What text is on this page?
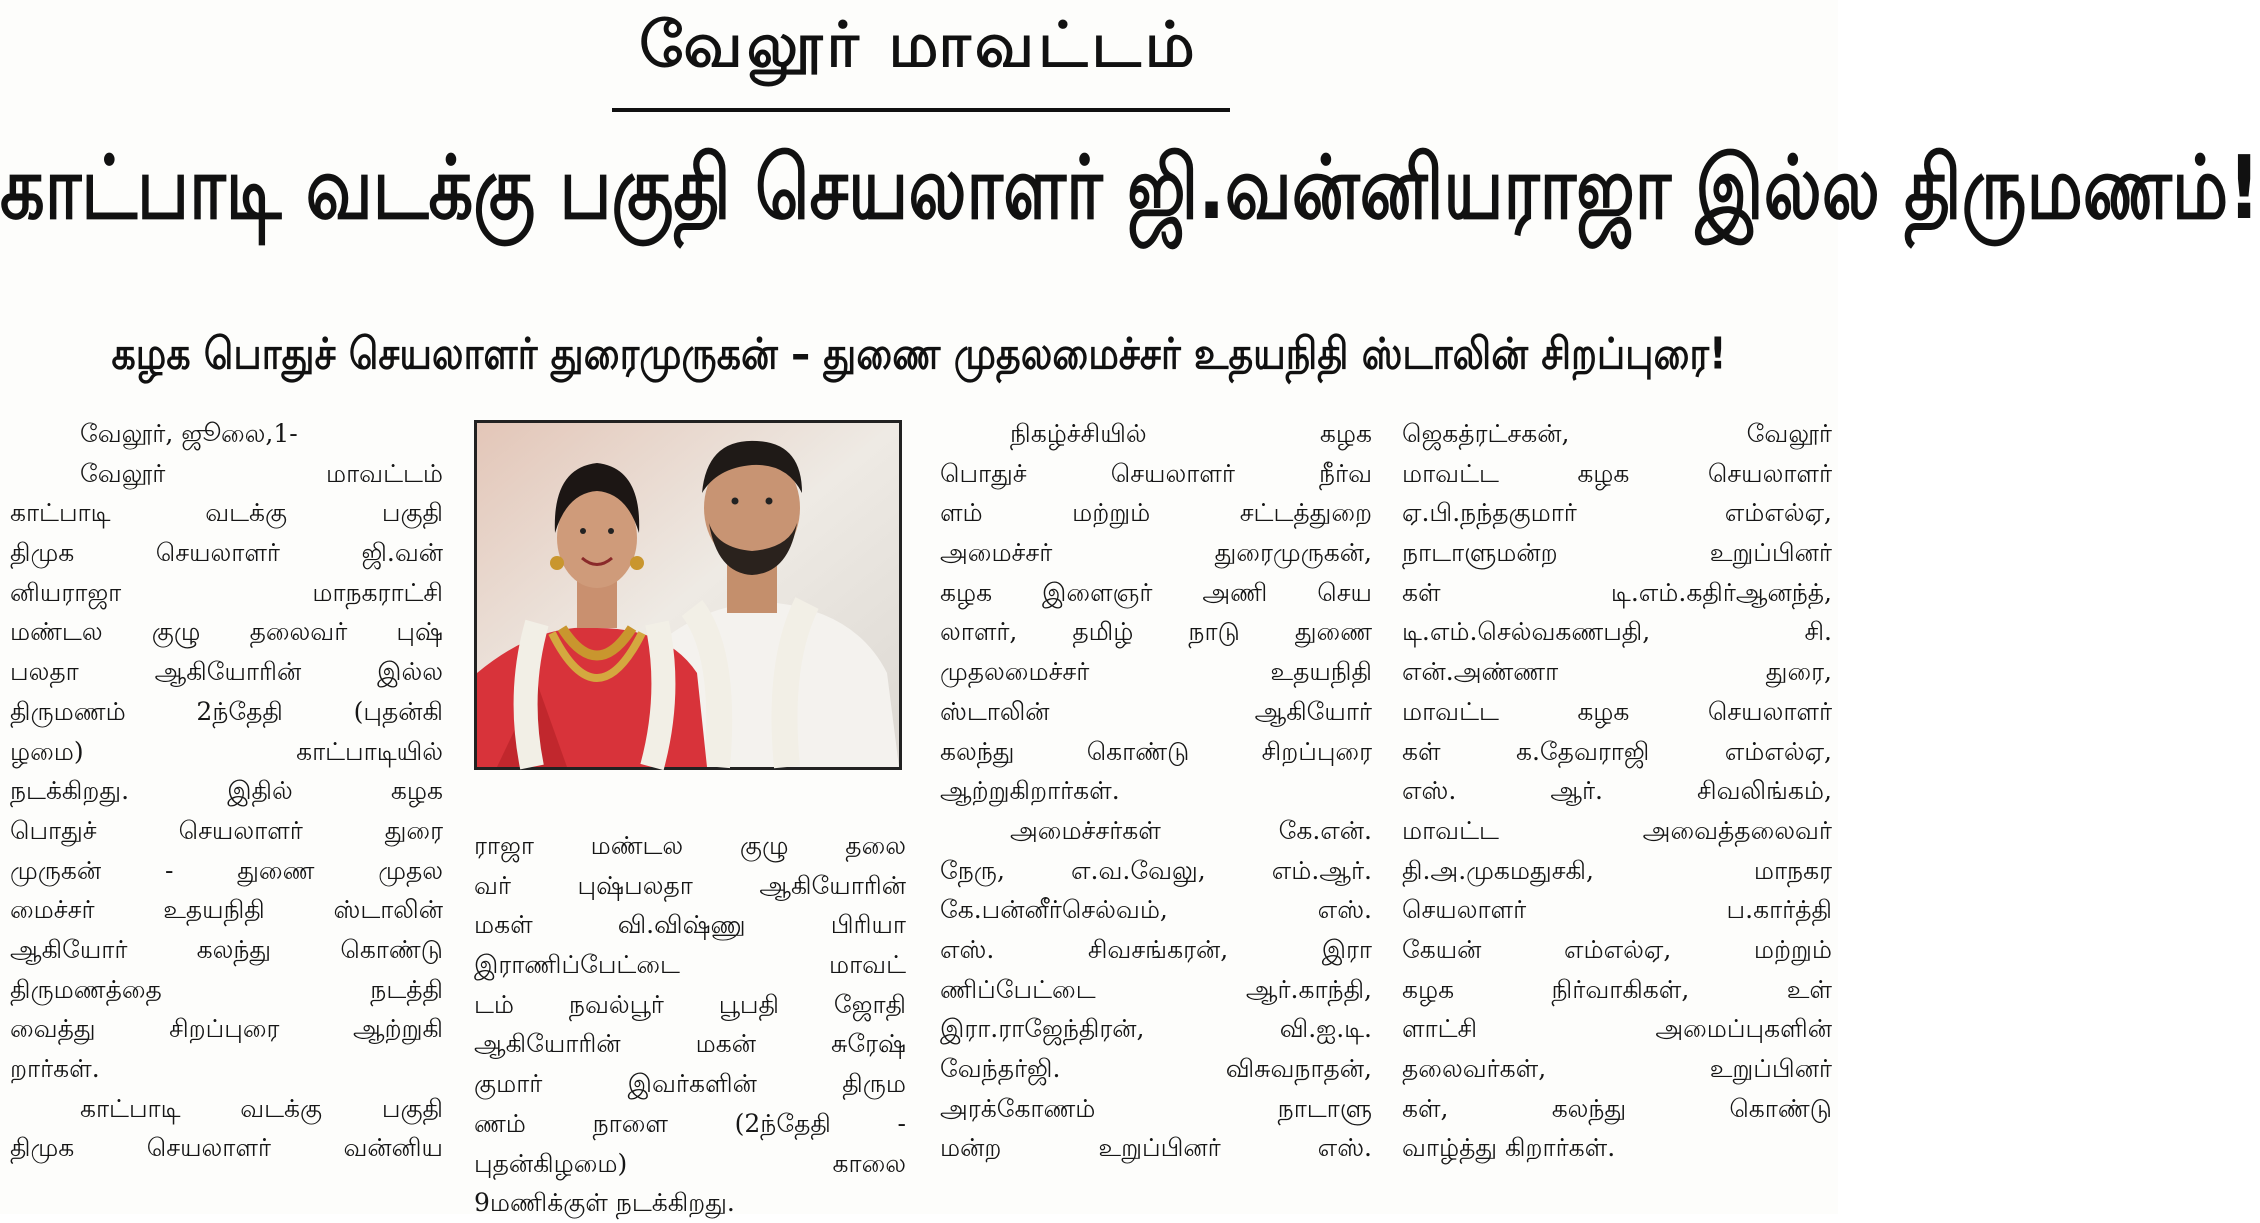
வேலூர் மாவட்டம்
காட்பாடி வடக்கு பகுதி செயலாளர் ஜி.வன்னியராஜா இல்ல திருமணம்!
கழக பொதுச் செயலாளர் துரைமுருகன் – துணை முதலமைச்சர் உதயநிதி ஸ்டாலின் சிறப்புரை!
வேலூர், ஜூலை,1-
வேலூர் மாவட்டம்
காட்பாடி வடக்கு பகுதி
திமுக செயலாளர் ஜி.வன்
னியராஜா மாநகராட்சி
மண்டல குழு தலைவர் புஷ்
பலதா ஆகியோரின் இல்ல
திருமணம் 2ந்தேதி (புதன்கி
ழமை) காட்பாடியில்
நடக்கிறது. இதில் கழக
பொதுச் செயலாளர் துரை
முருகன் - துணை முதல
மைச்சர் உதயநிதி ஸ்டாலின்
ஆகியோர் கலந்து கொண்டு
திருமணத்தை நடத்தி
வைத்து சிறப்புரை ஆற்றுகி
றார்கள்.
காட்பாடி வடக்கு பகுதி
திமுக செயலாளர் வன்னிய
ராஜா மண்டல குழு தலை
வர் புஷ்பலதா ஆகியோரின்
மகள் வி.விஷ்ணு பிரியா
இராணிப்பேட்டை மாவட்
டம் நவல்பூர் பூபதி ஜோதி
ஆகியோரின் மகன் சுரேஷ்
குமார் இவர்களின் திரும
ணம் நாளை (2ந்தேதி -
புதன்கிழமை) காலை
9மணிக்குள் நடக்கிறது.
நிகழ்ச்சியில் கழக
பொதுச் செயலாளர் நீர்வ
ளம் மற்றும் சட்டத்துறை
அமைச்சர் துரைமுருகன்,
கழக இளைஞர் அணி செய
லாளர், தமிழ் நாடு துணை
முதலமைச்சர் உதயநிதி
ஸ்டாலின் ஆகியோர்
கலந்து கொண்டு சிறப்புரை
ஆற்றுகிறார்கள்.
அமைச்சர்கள் கே.என்.
நேரு, எ.வ.வேலு, எம்.ஆர்.
கே.பன்னீர்செல்வம், எஸ்.
எஸ். சிவசங்கரன், இரா
ணிப்பேட்டை ஆர்.காந்தி,
இரா.ராஜேந்திரன், வி.ஐ.டி.
வேந்தர்ஜி. விசுவநாதன்,
அரக்கோணம் நாடாளு
மன்ற உறுப்பினர் எஸ்.
ஜெகத்ரட்சகன், வேலூர்
மாவட்ட கழக செயலாளர்
ஏ.பி.நந்தகுமார் எம்எல்ஏ,
நாடாளுமன்ற உறுப்பினர்
கள் டி.எம்.கதிர்ஆனந்த்,
டி.எம்.செல்வகணபதி, சி.
என்.அண்ணா துரை,
மாவட்ட கழக செயலாளர்
கள் க.தேவராஜி எம்எல்ஏ,
எஸ். ஆர். சிவலிங்கம்,
மாவட்ட அவைத்தலைவர்
தி.அ.முகமதுசகி, மாநகர
செயலாளர் ப.கார்த்தி
கேயன் எம்எல்ஏ, மற்றும்
கழக நிர்வாகிகள், உள்
ளாட்சி அமைப்புகளின்
தலைவர்கள், உறுப்பினர்
கள், கலந்து கொண்டு
வாழ்த்து கிறார்கள்.
